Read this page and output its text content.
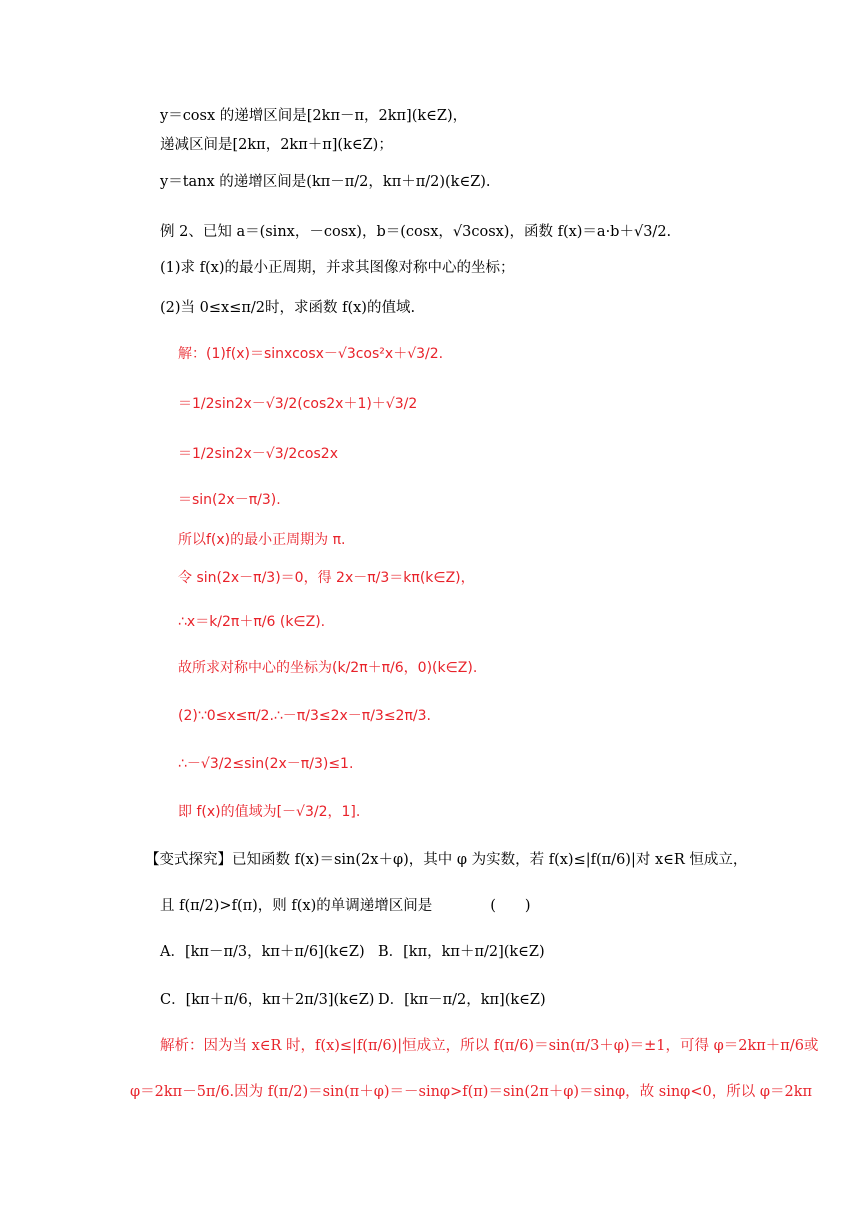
y＝cosx 的递增区间是[2kπ－π，2kπ](k∈Z)，
递减区间是[2kπ，2kπ＋π](k∈Z)；
y＝tanx 的递增区间是(kπ－π/2，kπ＋π/2)(k∈Z).
例 2、已知 a＝(sinx，－cosx)，b＝(cosx，√3cosx)，函数 f(x)＝a·b＋√3/2.
(1)求 f(x)的最小正周期，并求其图像对称中心的坐标；
(2)当 0≤x≤π/2时，求函数 f(x)的值域.
解：(1)f(x)＝sinxcosx－√3cos²x＋√3/2.
＝1/2sin2x－√3/2(cos2x＋1)＋√3/2
＝1/2sin2x－√3/2cos2x
＝sin(2x－π/3).
所以f(x)的最小正周期为 π.
令 sin(2x－π/3)＝0，得 2x－π/3＝kπ(k∈Z)，
∴x＝k/2π＋π/6 (k∈Z).
故所求对称中心的坐标为(k/2π＋π/6，0)(k∈Z).
(2)∵0≤x≤π/2.∴－π/3≤2x－π/3≤2π/3.
∴－√3/2≤sin(2x－π/3)≤1.
即 f(x)的值域为[－√3/2，1].
【变式探究】已知函数 f(x)＝sin(2x＋φ)，其中 φ 为实数，若 f(x)≤|f(π/6)|对 x∈R 恒成立，
且 f(π/2)>f(π)，则 f(x)的单调递增区间是　　　　(　　)
A．[kπ－π/3，kπ＋π/6](k∈Z) B．[kπ，kπ＋π/2](k∈Z)
C．[kπ＋π/6，kπ＋2π/3](k∈Z) D．[kπ－π/2，kπ](k∈Z)
解析：因为当 x∈R 时，f(x)≤|f(π/6)|恒成立，所以 f(π/6)＝sin(π/3＋φ)＝±1，可得 φ＝2kπ＋π/6或
φ＝2kπ－5π/6.因为 f(π/2)＝sin(π＋φ)＝－sinφ>f(π)＝sin(2π＋φ)＝sinφ，故 sinφ<0，所以 φ＝2kπ
